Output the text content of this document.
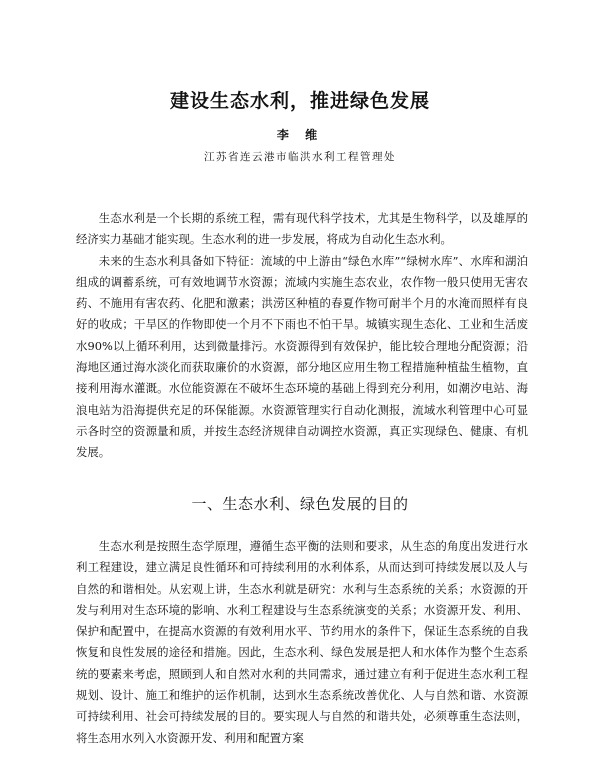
建设生态水利，推进绿色发展
李 维
江苏省连云港市临洪水利工程管理处

生态水利是一个长期的系统工程，需有现代科学技术，尤其是生物科学，以及雄厚的经济实力基础才能实现。生态水利的进一步发展，将成为自动化生态水利。

未来的生态水利具备如下特征：流域的中上游由“绿色水库”“绿树水库”、水库和湖泊组成的调蓄系统，可有效地调节水资源；流域内实施生态农业，农作物一般只使用无害农药、不施用有害农药、化肥和激素；洪涝区种植的春夏作物可耐半个月的水淹而照样有良好的收成；干旱区的作物即使一个月不下雨也不怕干旱。城镇实现生态化、工业和生活废水90%以上循环利用，达到微量排污。水资源得到有效保护，能比较合理地分配资源；沿海地区通过海水淡化而获取廉价的水资源，部分地区应用生物工程措施种植盐生植物，直接利用海水灌溉。水位能资源在不破坏生态环境的基础上得到充分利用，如潮汐电站、海浪电站为沿海提供充足的环保能源。水资源管理实行自动化测报，流域水利管理中心可显示各时空的资源量和质，并按生态经济规律自动调控水资源，真正实现绿色、健康、有机发展。

一、生态水利、绿色发展的目的

生态水利是按照生态学原理，遵循生态平衡的法则和要求，从生态的角度出发进行水利工程建设，建立满足良性循环和可持续利用的水利体系，从而达到可持续发展以及人与自然的和谐相处。从宏观上讲，生态水利就是研究：水利与生态系统的关系；水资源的开发与利用对生态环境的影响、水利工程建设与生态系统演变的关系；水资源开发、利用、保护和配置中，在提高水资源的有效利用水平、节约用水的条件下，保证生态系统的自我恢复和良性发展的途径和措施。因此，生态水利、绿色发展是把人和水体作为整个生态系统的要素来考虑，照顾到人和自然对水利的共同需求，通过建立有利于促进生态水利工程规划、设计、施工和维护的运作机制，达到水生态系统改善优化、人与自然和谐、水资源可持续利用、社会可持续发展的目的。要实现人与自然的和谐共处，必须尊重生态法则，将生态用水列入水资源开发、利用和配置方案
